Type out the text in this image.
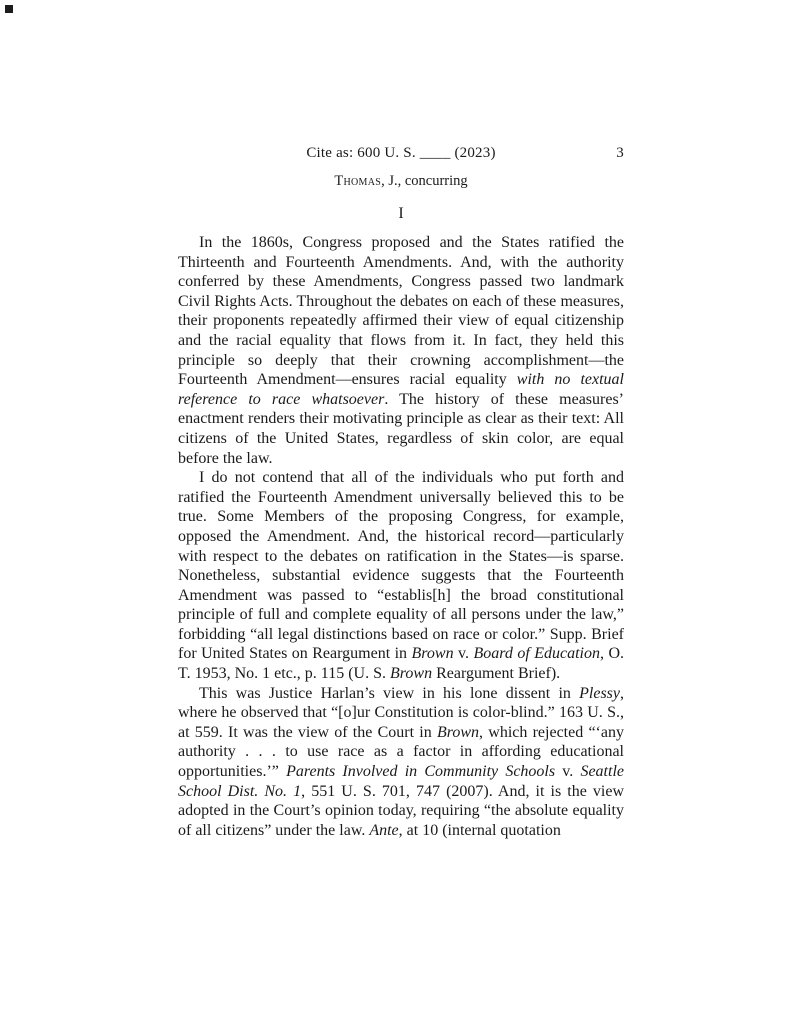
Cite as: 600 U. S. ____ (2023)	3
Thomas, J., concurring
I

In the 1860s, Congress proposed and the States ratified the Thirteenth and Fourteenth Amendments. And, with the authority conferred by these Amendments, Congress passed two landmark Civil Rights Acts. Throughout the debates on each of these measures, their proponents repeatedly affirmed their view of equal citizenship and the racial equality that flows from it. In fact, they held this principle so deeply that their crowning accomplishment—the Fourteenth Amendment—ensures racial equality with no textual reference to race whatsoever. The history of these measures’ enactment renders their motivating principle as clear as their text: All citizens of the United States, regardless of skin color, are equal before the law.

I do not contend that all of the individuals who put forth and ratified the Fourteenth Amendment universally believed this to be true. Some Members of the proposing Congress, for example, opposed the Amendment. And, the historical record—particularly with respect to the debates on ratification in the States—is sparse. Nonetheless, substantial evidence suggests that the Fourteenth Amendment was passed to “establis[h] the broad constitutional principle of full and complete equality of all persons under the law,” forbidding “all legal distinctions based on race or color.” Supp. Brief for United States on Reargument in Brown v. Board of Education, O. T. 1953, No. 1 etc., p. 115 (U. S. Brown Reargument Brief).

This was Justice Harlan’s view in his lone dissent in Plessy, where he observed that “[o]ur Constitution is color-blind.” 163 U. S., at 559. It was the view of the Court in Brown, which rejected “‘any authority . . . to use race as a factor in affording educational opportunities.’” Parents Involved in Community Schools v. Seattle School Dist. No. 1, 551 U. S. 701, 747 (2007). And, it is the view adopted in the Court’s opinion today, requiring “the absolute equality of all citizens” under the law. Ante, at 10 (internal quotation
